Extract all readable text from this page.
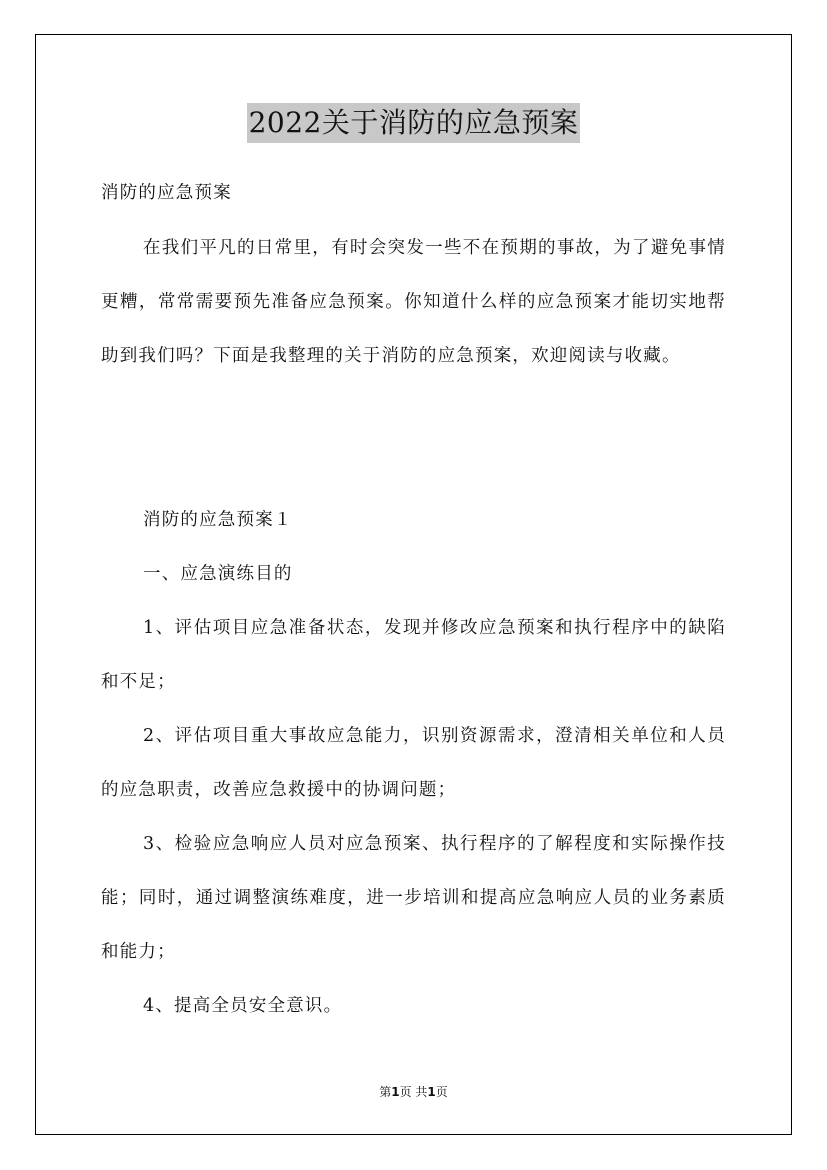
2022关于消防的应急预案

消防的应急预案

在我们平凡的日常里，有时会突发一些不在预期的事故，为了避免事情更糟，常常需要预先准备应急预案。你知道什么样的应急预案才能切实地帮助到我们吗？下面是我整理的关于消防的应急预案，欢迎阅读与收藏。

消防的应急预案１

一、应急演练目的

1、评估项目应急准备状态，发现并修改应急预案和执行程序中的缺陷和不足；

2、评估项目重大事故应急能力，识别资源需求，澄清相关单位和人员的应急职责，改善应急救援中的协调问题；

3、检验应急响应人员对应急预案、执行程序的了解程度和实际操作技能；同时，通过调整演练难度，进一步培训和提高应急响应人员的业务素质和能力；

4、提高全员安全意识。

第1页 共1页
